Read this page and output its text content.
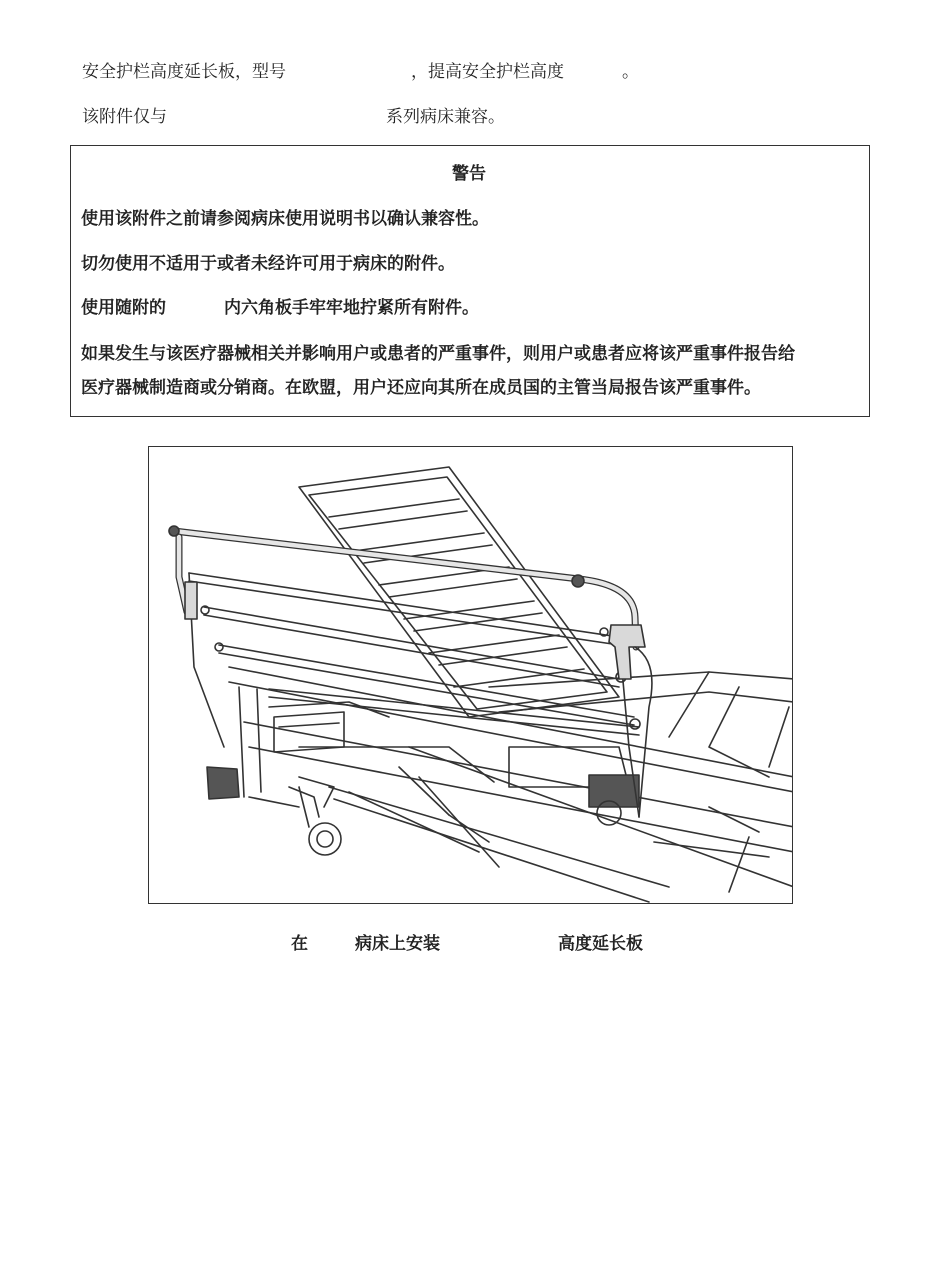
安全护栏高度延长板，型号	，提高安全护栏高度	。
该附件仅与	系列病床兼容。
警告
使用该附件之前请参阅病床使用说明书以确认兼容性。
切勿使用不适用于或者未经许可用于病床的附件。
使用随附的	内六角板手牢牢地拧紧所有附件。
如果发生与该医疗器械相关并影响用户或患者的严重事件，则用户或患者应将该严重事件报告给
医疗器械制造商或分销商。在欧盟，用户还应向其所在成员国的主管当局报告该严重事件。
在	病床上安装	高度延长板
